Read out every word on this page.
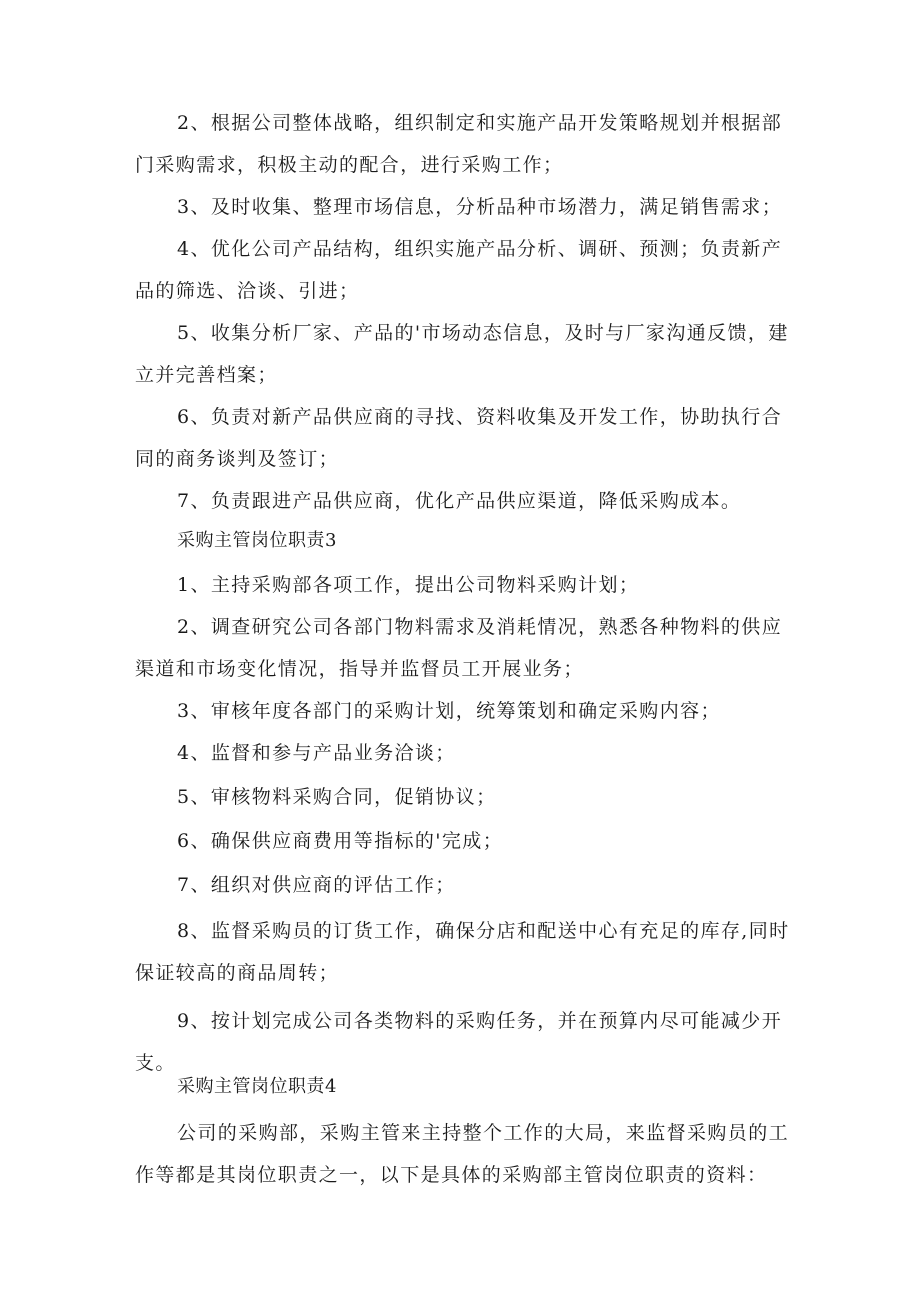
2、根据公司整体战略，组织制定和实施产品开发策略规划并根据部门采购需求，积极主动的配合，进行采购工作；

3、及时收集、整理市场信息，分析品种市场潜力，满足销售需求；

4、优化公司产品结构，组织实施产品分析、调研、预测；负责新产品的筛选、洽谈、引进；

5、收集分析厂家、产品的'市场动态信息，及时与厂家沟通反馈，建立并完善档案；

6、负责对新产品供应商的寻找、资料收集及开发工作，协助执行合同的商务谈判及签订；

7、负责跟进产品供应商，优化产品供应渠道，降低采购成本。

采购主管岗位职责3

1、主持采购部各项工作，提出公司物料采购计划；

2、调查研究公司各部门物料需求及消耗情况，熟悉各种物料的供应渠道和市场变化情况，指导并监督员工开展业务；

3、审核年度各部门的采购计划，统筹策划和确定采购内容；

4、监督和参与产品业务洽谈；

5、审核物料采购合同，促销协议；

6、确保供应商费用等指标的'完成；

7、组织对供应商的评估工作；

8、监督采购员的订货工作，确保分店和配送中心有充足的库存,同时保证较高的商品周转；

9、按计划完成公司各类物料的采购任务，并在预算内尽可能减少开支。

采购主管岗位职责4

公司的采购部，采购主管来主持整个工作的大局，来监督采购员的工作等都是其岗位职责之一，以下是具体的采购部主管岗位职责的资料：
